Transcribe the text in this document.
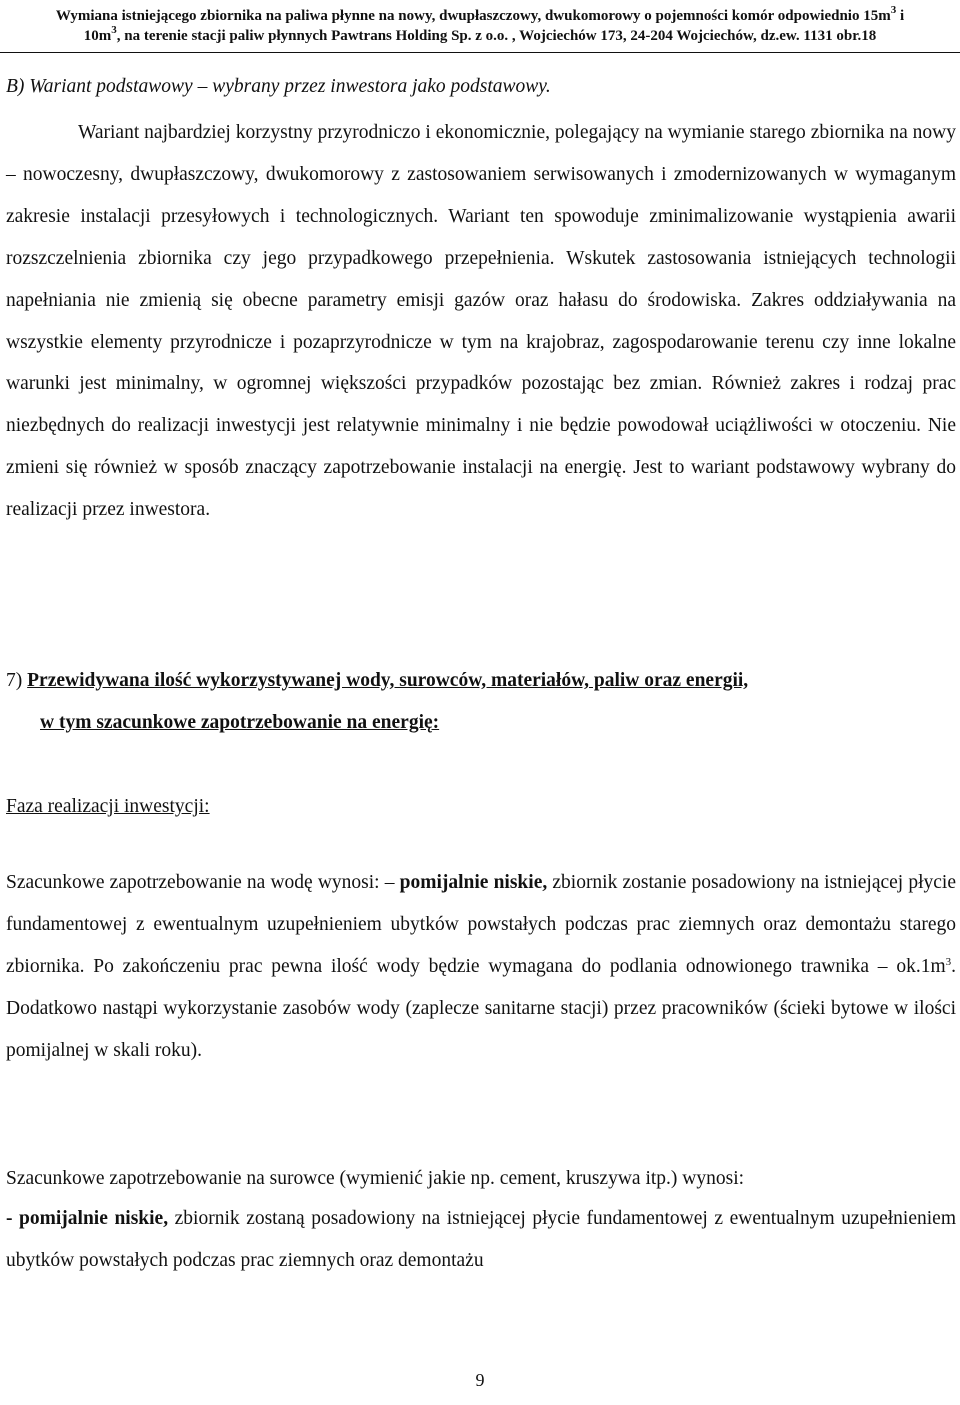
Wymiana istniejącego zbiornika na paliwa płynne na nowy, dwupłaszczowy, dwukomorowy o pojemności komór odpowiednio $15m^3$ i
$10m^3$, na terenie stacji paliw płynnych Pawtrans Holding Sp. z o.o. , Wojciechów 173, 24-204 Wojciechów, dz.ew. 1131 obr.18

B) Wariant podstawowy – wybrany przez inwestora jako podstawowy.

Wariant najbardziej korzystny przyrodniczo i ekonomicznie, polegający na wymianie starego zbiornika na nowy – nowoczesny, dwupłaszczowy, dwukomorowy z zastosowaniem serwisowanych i zmodernizowanych w wymaganym zakresie instalacji przesyłowych i technologicznych. Wariant ten spowoduje zminimalizowanie wystąpienia awarii rozszczelnienia zbiornika czy jego przypadkowego przepełnienia. Wskutek zastosowania istniejących technologii napełniania nie zmienią się obecne parametry emisji gazów oraz hałasu do środowiska. Zakres oddziaływania na wszystkie elementy przyrodnicze i pozaprzyrodnicze w tym na krajobraz, zagospodarowanie terenu czy inne lokalne warunki jest minimalny, w ogromnej większości przypadków pozostając bez zmian. Również zakres i rodzaj prac niezbędnych do realizacji inwestycji jest relatywnie minimalny i nie będzie powodował uciążliwości w otoczeniu. Nie zmieni się również w sposób znaczący zapotrzebowanie instalacji na energię. Jest to wariant podstawowy wybrany do realizacji przez inwestora.

7) Przewidywana ilość wykorzystywanej wody, surowców, materiałów, paliw oraz energii,
w tym szacunkowe zapotrzebowanie na energię:

Faza realizacji inwestycji:

Szacunkowe zapotrzebowanie na wodę wynosi: – pomijalnie niskie, zbiornik zostanie posadowiony na istniejącej płycie fundamentowej z ewentualnym uzupełnieniem ubytków powstałych podczas prac ziemnych oraz demontażu starego zbiornika. Po zakończeniu prac pewna ilość wody będzie wymagana do podlania odnowionego trawnika – $ok.1m^3$. Dodatkowo nastąpi wykorzystanie zasobów wody (zaplecze sanitarne stacji) przez pracowników (ścieki bytowe w ilości pomijalnej w skali roku).

Szacunkowe zapotrzebowanie na surowce (wymienić jakie np. cement, kruszywa itp.) wynosi:

- pomijalnie niskie, zbiornik zostaną posadowiony na istniejącej płycie fundamentowej z ewentualnym uzupełnieniem ubytków powstałych podczas prac ziemnych oraz demontażu

9
